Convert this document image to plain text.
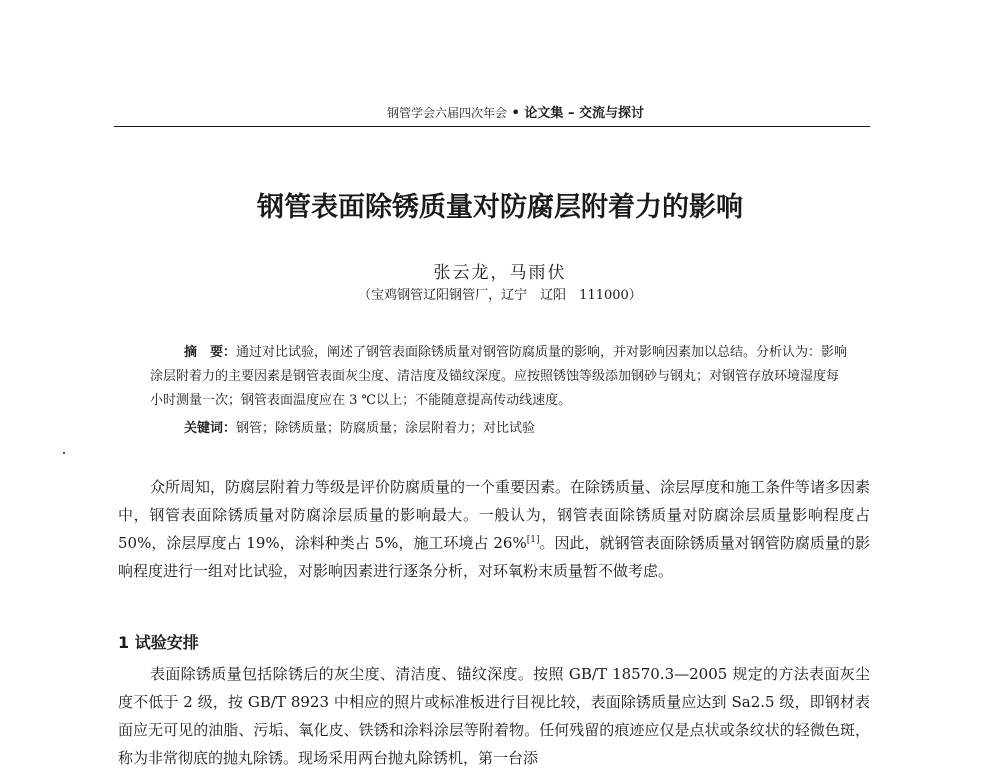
钢管学会六届四次年会 • 论文集 – 交流与探讨
钢管表面除锈质量对防腐层附着力的影响
张云龙，马雨伏
（宝鸡钢管辽阳钢管厂，辽宁　辽阳　111000）
摘　要：通过对比试验，阐述了钢管表面除锈质量对钢管防腐质量的影响，并对影响因素加以总结。分析认为：影响涂层附着力的主要因素是钢管表面灰尘度、清洁度及锚纹深度。应按照锈蚀等级添加钢砂与钢丸；对钢管存放环境湿度每小时测量一次；钢管表面温度应在 3 ℃以上；不能随意提高传动线速度。
关键词：钢管；除锈质量；防腐质量；涂层附着力；对比试验
众所周知，防腐层附着力等级是评价防腐质量的一个重要因素。在除锈质量、涂层厚度和施工条件等诸多因素中，钢管表面除锈质量对防腐涂层质量的影响最大。一般认为，钢管表面除锈质量对防腐涂层质量影响程度占 50%，涂层厚度占 19%，涂料种类占 5%，施工环境占 26%[1]。因此，就钢管表面除锈质量对钢管防腐质量的影响程度进行一组对比试验，对影响因素进行逐条分析，对环氧粉末质量暂不做考虑。
1 试验安排
表面除锈质量包括除锈后的灰尘度、清洁度、锚纹深度。按照 GB/T 18570.3—2005 规定的方法表面灰尘度不低于 2 级，按 GB/T 8923 中相应的照片或标准板进行目视比较，表面除锈质量应达到 Sa2.5 级，即钢材表面应无可见的油脂、污垢、氧化皮、铁锈和涂料涂层等附着物。任何残留的痕迹应仅是点状或条纹状的轻微色斑，称为非常彻底的抛丸除锈。现场采用两台抛丸除锈机，第一台添
